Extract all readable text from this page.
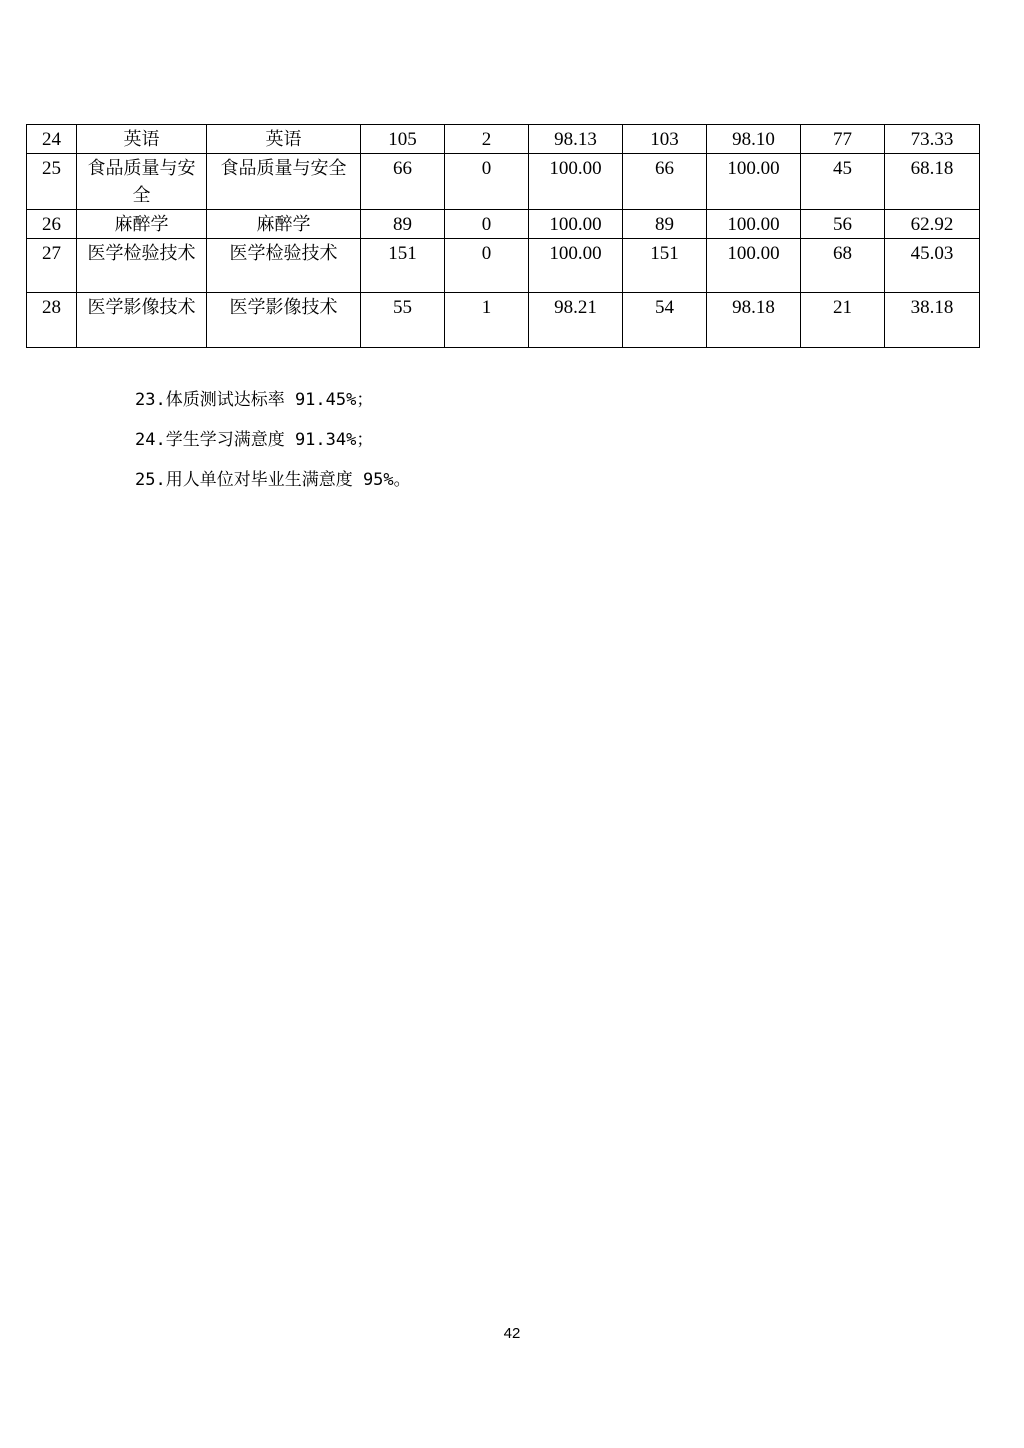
24	英语	英语	105	2	98.13	103	98.10	77	73.33
25	食品质量与安全	食品质量与安全	66	0	100.00	66	100.00	45	68.18
26	麻醉学	麻醉学	89	0	100.00	89	100.00	56	62.92
27	医学检验技术	医学检验技术	151	0	100.00	151	100.00	68	45.03
28	医学影像技术	医学影像技术	55	1	98.21	54	98.18	21	38.18
23.体质测试达标率 91.45%；
24.学生学习满意度 91.34%；
25.用人单位对毕业生满意度 95%。
42
